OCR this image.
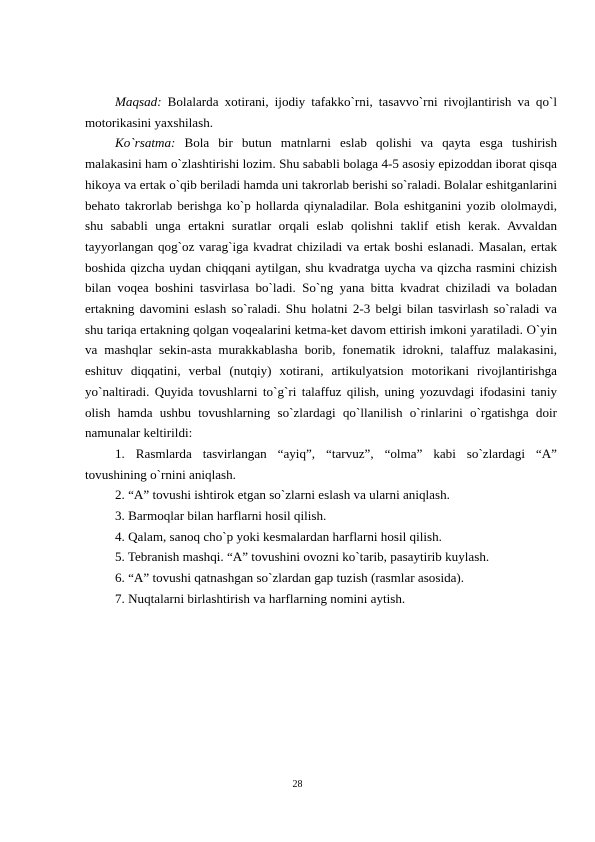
Maqsad: Bolalarda xotirani, ijodiy tafakko`rni, tasavvo`rni rivojlantirish va qo`l motorikasini yaxshilash.

Ko`rsatma: Bola bir butun matnlarni eslab qolishi va qayta esga tushirish malakasini ham o`zlashtirishi lozim. Shu sababli bolaga 4-5 asosiy epizoddan iborat qisqa hikoya va ertak o`qib beriladi hamda uni takrorlab berishi so`raladi. Bolalar eshitganlarini behato takrorlab berishga ko`p hollarda qiynaladilar. Bola eshitganini yozib ololmaydi, shu sababli unga ertakni suratlar orqali eslab qolishni taklif etish kerak. Avvaldan tayyorlangan qog`oz varag`iga kvadrat chiziladi va ertak boshi eslanadi. Masalan, ertak boshida qizcha uydan chiqqani aytilgan, shu kvadratga uycha va qizcha rasmini chizish bilan voqea boshini tasvirlasa bo`ladi. So`ng yana bitta kvadrat chiziladi va boladan ertakning davomini eslash so`raladi. Shu holatni 2-3 belgi bilan tasvirlash so`raladi va shu tariqa ertakning qolgan voqealarini ketma-ket davom ettirish imkoni yaratiladi. O`yin va mashqlar sekin-asta murakkablasha borib, fonematik idrokni, talaffuz malakasini, eshituv diqqatini, verbal (nutqiy) xotirani, artikulyatsion motorikani rivojlantirishga yo`naltiradi. Quyida tovushlarni to`g`ri talaffuz qilish, uning yozuvdagi ifodasini taniy olish hamda ushbu tovushlarning so`zlardagi qo`llanilish o`rinlarini o`rgatishga doir namunalar keltirildi:

1. Rasmlarda tasvirlangan “ayiq”, “tarvuz”, “olma” kabi so`zlardagi “A” tovushining o`rnini aniqlash.

2. “A” tovushi ishtirok etgan so`zlarni eslash va ularni aniqlash.

3. Barmoqlar bilan harflarni hosil qilish.

4. Qalam, sanoq cho`p yoki kesmalardan harflarni hosil qilish.

5. Tebranish mashqi. “A” tovushini ovozni ko`tarib, pasaytirib kuylash.

6. “A” tovushi qatnashgan so`zlardan gap tuzish (rasmlar asosida).

7. Nuqtalarni birlashtirish va harflarning nomini aytish.

28
